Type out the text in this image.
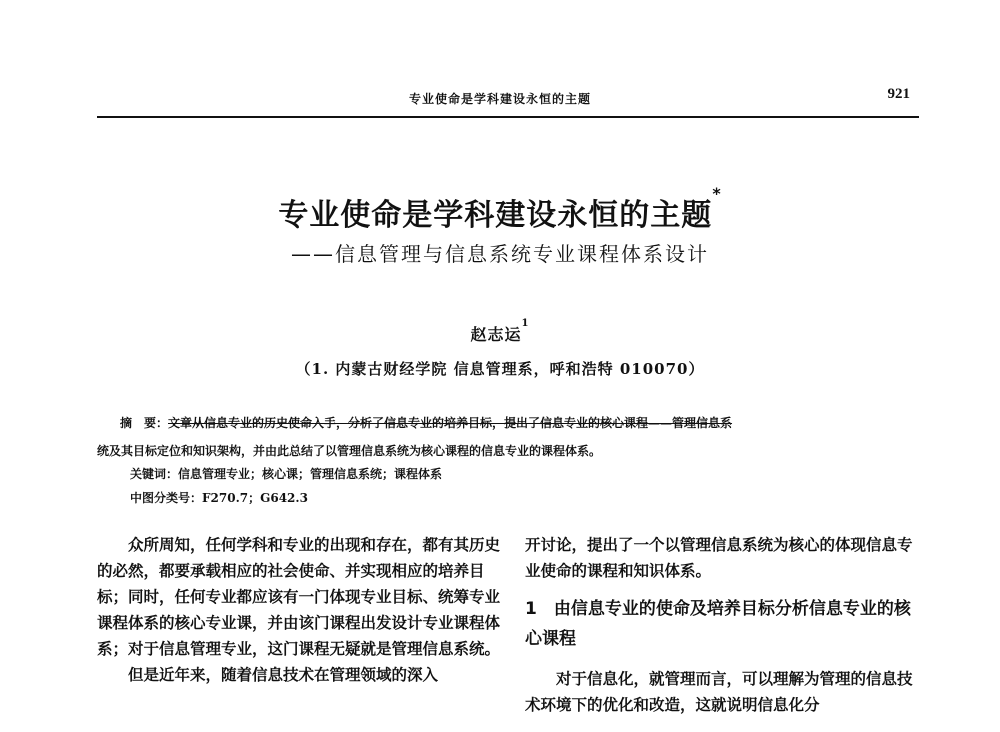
专业使命是学科建设永恒的主题	921
专业使命是学科建设永恒的主题*
——信息管理与信息系统专业课程体系设计
赵志运$^1$
（1. 内蒙古财经学院 信息管理系，呼和浩特 010070）
摘　要：文章从信息专业的历史使命入手，分析了信息专业的培养目标，提出了信息专业的核心课程——管理信息系
统及其目标定位和知识架构，并由此总结了以管理信息系统为核心课程的信息专业的课程体系。
关键词：信息管理专业；核心课；管理信息系统；课程体系
中图分类号：F270.7；G642.3

众所周知，任何学科和专业的出现和存在，都有其历史的必然，都要承载相应的社会使命、并实现相应的培养目标；同时，任何专业都应该有一门体现专业目标、统筹专业课程体系的核心专业课，并由该门课程出发设计专业课程体系；对于信息管理专业，这门课程无疑就是管理信息系统。

但是近年来，随着信息技术在管理领域的深入

开讨论，提出了一个以管理信息系统为核心的体现信息专业使命的课程和知识体系。

1　由信息专业的使命及培养目标分析信息专业的核心课程

对于信息化，就管理而言，可以理解为管理的信息技术环境下的优化和改造，这就说明信息化分
